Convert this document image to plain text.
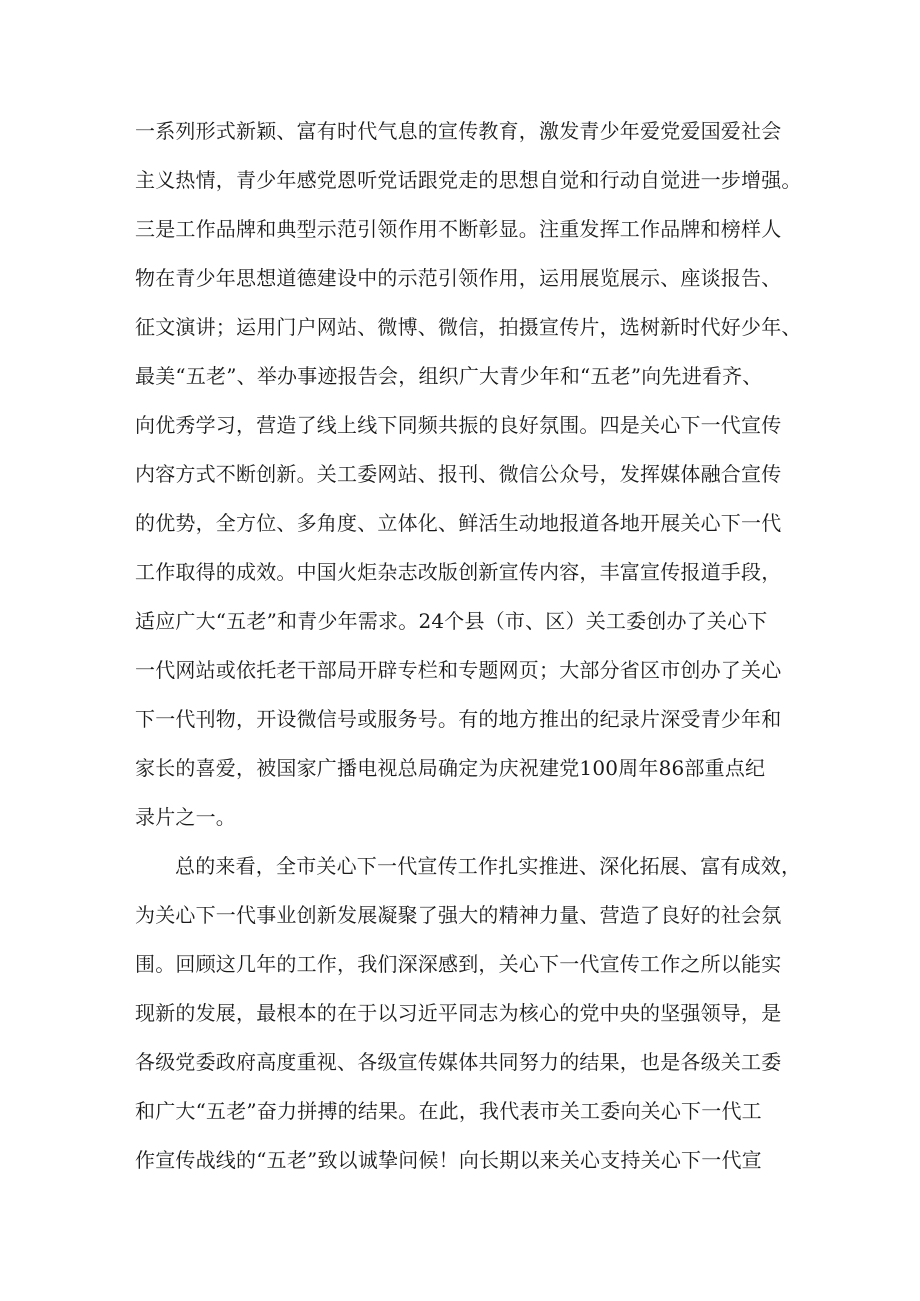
一系列形式新颖、富有时代气息的宣传教育，激发青少年爱党爱国爱社会
主义热情，青少年感党恩听党话跟党走的思想自觉和行动自觉进一步增强。
三是工作品牌和典型示范引领作用不断彰显。注重发挥工作品牌和榜样人
物在青少年思想道德建设中的示范引领作用，运用展览展示、座谈报告、
征文演讲；运用门户网站、微博、微信，拍摄宣传片，选树新时代好少年、
最美“五老”、举办事迹报告会，组织广大青少年和“五老”向先进看齐、
向优秀学习，营造了线上线下同频共振的良好氛围。四是关心下一代宣传
内容方式不断创新。关工委网站、报刊、微信公众号，发挥媒体融合宣传
的优势，全方位、多角度、立体化、鲜活生动地报道各地开展关心下一代
工作取得的成效。中国火炬杂志改版创新宣传内容，丰富宣传报道手段，
适应广大“五老”和青少年需求。24个县（市、区）关工委创办了关心下
一代网站或依托老干部局开辟专栏和专题网页；大部分省区市创办了关心
下一代刊物，开设微信号或服务号。有的地方推出的纪录片深受青少年和
家长的喜爱，被国家广播电视总局确定为庆祝建党100周年86部重点纪
录片之一。
总的来看，全市关心下一代宣传工作扎实推进、深化拓展、富有成效，
为关心下一代事业创新发展凝聚了强大的精神力量、营造了良好的社会氛
围。回顾这几年的工作，我们深深感到，关心下一代宣传工作之所以能实
现新的发展，最根本的在于以习近平同志为核心的党中央的坚强领导，是
各级党委政府高度重视、各级宣传媒体共同努力的结果，也是各级关工委
和广大“五老”奋力拼搏的结果。在此，我代表市关工委向关心下一代工
作宣传战线的“五老”致以诚挚问候！向长期以来关心支持关心下一代宣
